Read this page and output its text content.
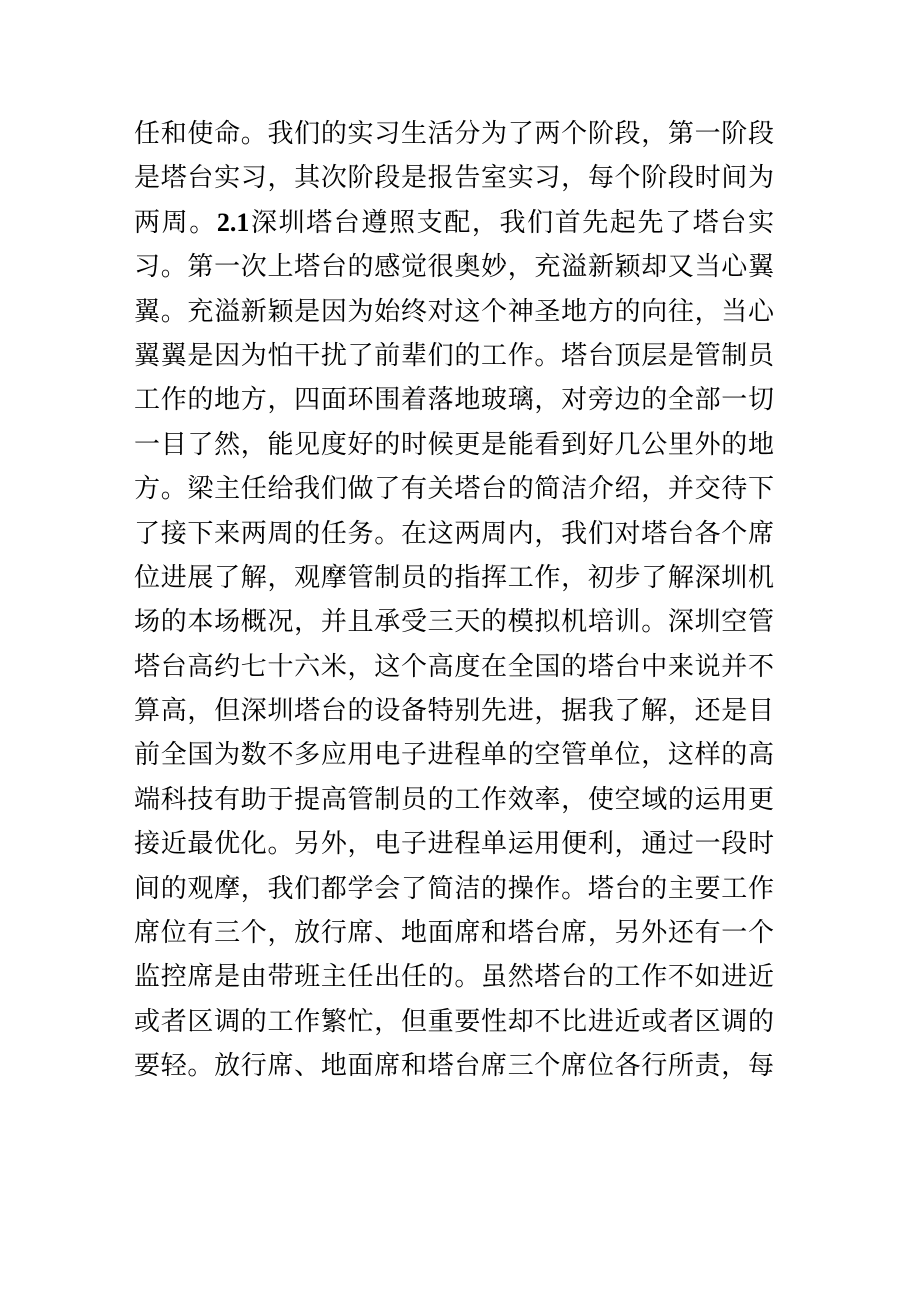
任和使命。我们的实习生活分为了两个阶段，第一阶段
是塔台实习，其次阶段是报告室实习，每个阶段时间为
两周。2.1深圳塔台遵照支配，我们首先起先了塔台实
习。第一次上塔台的感觉很奥妙，充溢新颖却又当心翼
翼。充溢新颖是因为始终对这个神圣地方的向往，当心
翼翼是因为怕干扰了前辈们的工作。塔台顶层是管制员
工作的地方，四面环围着落地玻璃，对旁边的全部一切
一目了然，能见度好的时候更是能看到好几公里外的地
方。梁主任给我们做了有关塔台的简洁介绍，并交待下
了接下来两周的任务。在这两周内，我们对塔台各个席
位进展了解，观摩管制员的指挥工作，初步了解深圳机
场的本场概况，并且承受三天的模拟机培训。深圳空管
塔台高约七十六米，这个高度在全国的塔台中来说并不
算高，但深圳塔台的设备特别先进，据我了解，还是目
前全国为数不多应用电子进程单的空管单位，这样的高
端科技有助于提高管制员的工作效率，使空域的运用更
接近最优化。另外，电子进程单运用便利，通过一段时
间的观摩，我们都学会了简洁的操作。塔台的主要工作
席位有三个，放行席、地面席和塔台席，另外还有一个
监控席是由带班主任出任的。虽然塔台的工作不如进近
或者区调的工作繁忙，但重要性却不比进近或者区调的
要轻。放行席、地面席和塔台席三个席位各行所责，每
